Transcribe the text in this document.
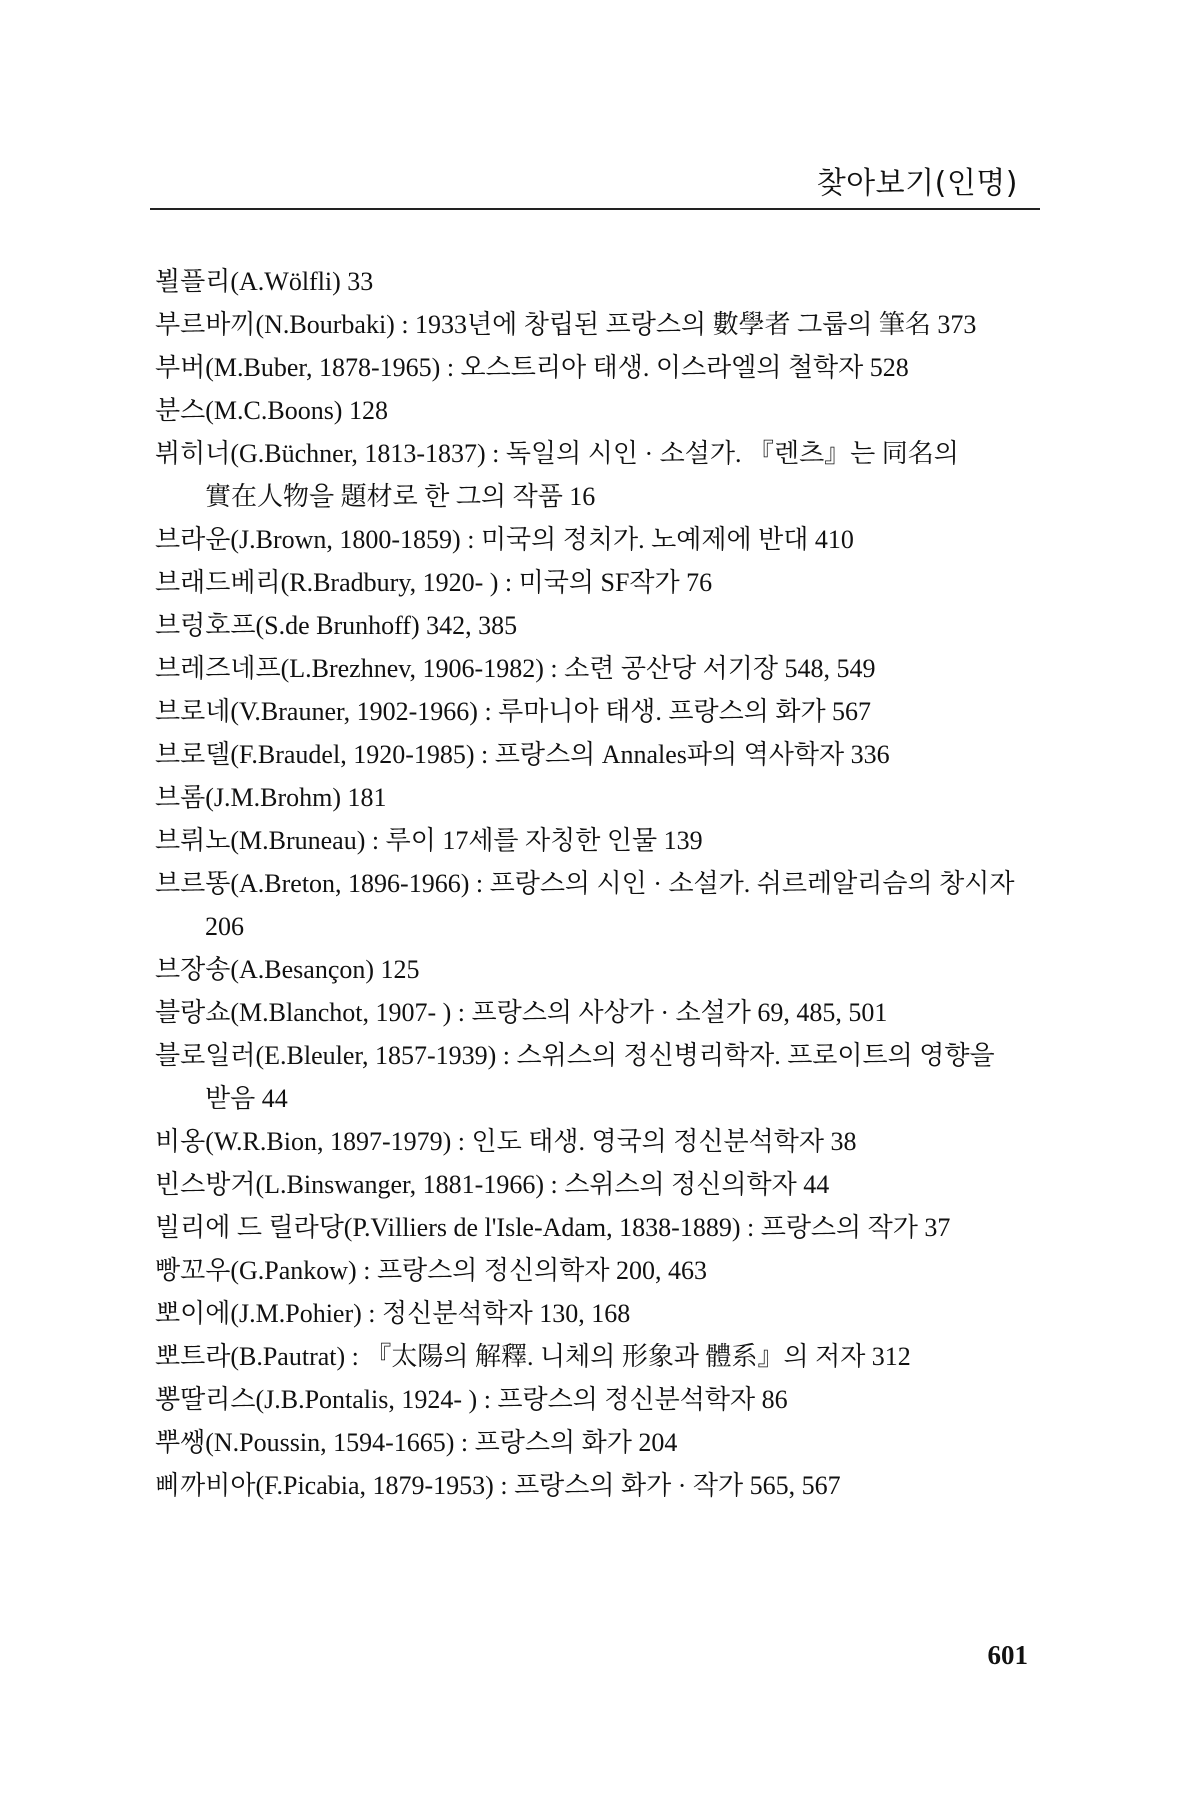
찾아보기(인명)
뵐플리(A.Wölfli) 33
부르바끼(N.Bourbaki) : 1933년에 창립된 프랑스의 數學者 그룹의 筆名 373
부버(M.Buber, 1878-1965) : 오스트리아 태생. 이스라엘의 철학자 528
분스(M.C.Boons) 128
뷔히너(G.Büchner, 1813-1837) : 독일의 시인 · 소설가. 『렌츠』는 同名의 實在人物을 題材로 한 그의 작품 16
브라운(J.Brown, 1800-1859) : 미국의 정치가. 노예제에 반대 410
브래드베리(R.Bradbury, 1920- ) : 미국의 SF작가 76
브렁호프(S.de Brunhoff) 342, 385
브레즈네프(L.Brezhnev, 1906-1982) : 소련 공산당 서기장 548, 549
브로네(V.Brauner, 1902-1966) : 루마니아 태생. 프랑스의 화가 567
브로델(F.Braudel, 1920-1985) : 프랑스의 Annales파의 역사학자 336
브롬(J.M.Brohm) 181
브뤼노(M.Bruneau) : 루이 17세를 자칭한 인물 139
브르똥(A.Breton, 1896-1966) : 프랑스의 시인 · 소설가. 쉬르레알리슴의 창시자 206
브장송(A.Besançon) 125
블랑쇼(M.Blanchot, 1907- ) : 프랑스의 사상가 · 소설가 69, 485, 501
블로일러(E.Bleuler, 1857-1939) : 스위스의 정신병리학자. 프로이트의 영향을 받음 44
비옹(W.R.Bion, 1897-1979) : 인도 태생. 영국의 정신분석학자 38
빈스방거(L.Binswanger, 1881-1966) : 스위스의 정신의학자 44
빌리에 드 릴라당(P.Villiers de l'Isle-Adam, 1838-1889) : 프랑스의 작가 37
빵꼬우(G.Pankow) : 프랑스의 정신의학자 200, 463
뽀이에(J.M.Pohier) : 정신분석학자 130, 168
뽀트라(B.Pautrat) : 『太陽의 解釋. 니체의 形象과 體系』의 저자 312
뽕딸리스(J.B.Pontalis, 1924- ) : 프랑스의 정신분석학자 86
뿌쌩(N.Poussin, 1594-1665) : 프랑스의 화가 204
삐까비아(F.Picabia, 1879-1953) : 프랑스의 화가 · 작가 565, 567
601
